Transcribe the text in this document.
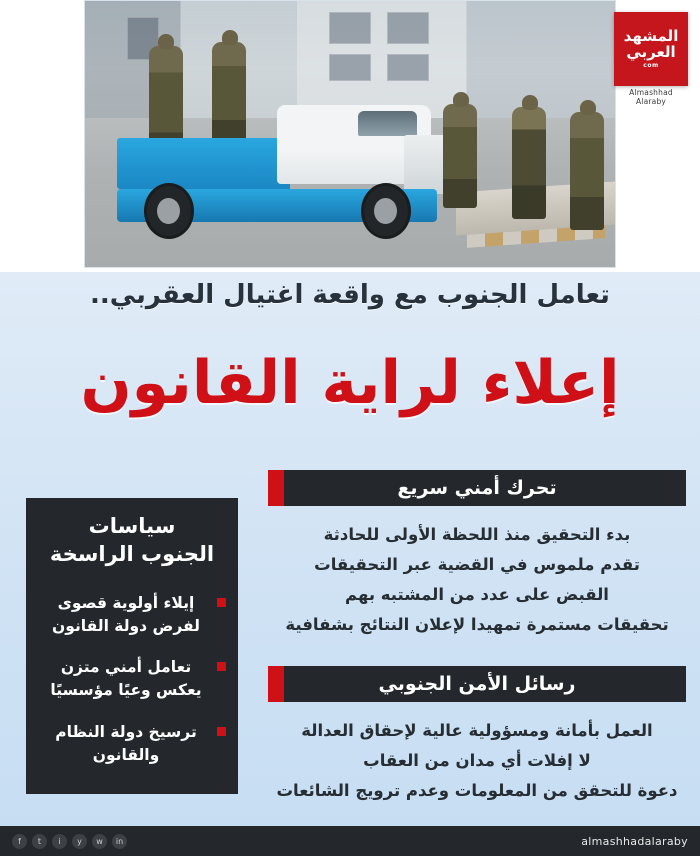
المشهد
العربي
com
Almashhad Alaraby
تعامل الجنوب مع واقعة اغتيال العقربي..
إعلاء لراية القانون
تحرك أمني سريع
بدء التحقيق منذ اللحظة الأولى للحادثة
تقدم ملموس في القضية عبر التحقيقات
القبض على عدد من المشتبه بهم
تحقيقات مستمرة تمهيدا لإعلان النتائج بشفافية
رسائل الأمن الجنوبي
العمل بأمانة ومسؤولية عالية لإحقاق العدالة
لا إفلات أي مدان من العقاب
دعوة للتحقق من المعلومات وعدم ترويج الشائعات
سياسات
الجنوب الراسخة
إيلاء أولوية قصوى لفرض دولة القانون
تعامل أمني متزن يعكس وعيًا مؤسسيًا
ترسيخ دولة النظام والقانون
almashhadalaraby
f	t	i	y	w	in
